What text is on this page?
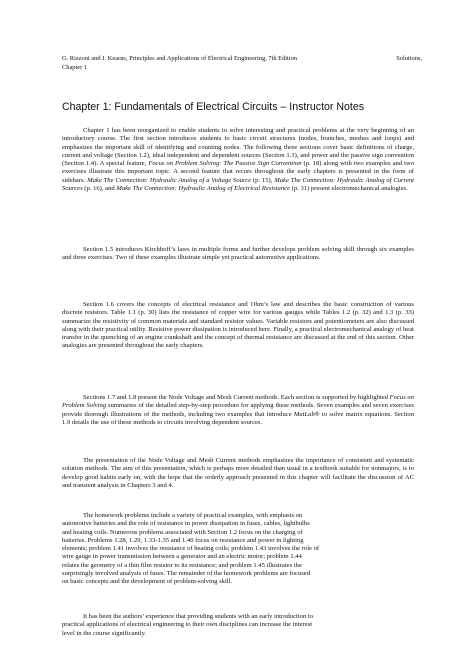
G. Rizzoni and J. Kearns, Principles and Applications of Electrical Engineering, 7th Edition	Solutions,
Chapter 1
Chapter 1: Fundamentals of Electrical Circuits – Instructor Notes
Chapter 1 has been reorganized to enable students to solve interesting and practical problems at the very beginning of an introductory course. The first section introduces students to basic circuit structures (nodes, branches, meshes and loops) and emphasizes the important skill of identifying and counting nodes. The following three sections cover basic definitions of charge, current and voltage (Section 1.2), ideal independent and dependent sources (Section 1.3), and power and the passive sign convention (Section 1.4). A special feature, Focus on Problem Solving: The Passive Sign Convention (p. 18) along with two examples and two exercises illustrate this important topic. A second feature that recurs throughout the early chapters is presented in the form of sidebars. Make The Connection: Hydraulic Analog of a Voltage Source (p. 15), Make The Connection: Hydraulic Analog of Current Sources (p. 16), and Make The Connection: Hydraulic Analog of Electrical Resistance (p. 31) present electromechanical analogies.
Section 1.5 introduces Kirchhoff’s laws in multiple forms and further develops problem solving skill through six examples and three exercises. Two of these examples illustrate simple yet practical automotive applications.
Section 1.6 covers the concepts of electrical resistance and Ohm’s law and describes the basic construction of various discrete resistors. Table 1.1 (p. 30) lists the resistance of copper wire for various gauges while Tables 1.2 (p. 32) and 1.3 (p. 33) summarize the resistivity of common materials and standard resistor values. Variable resistors and potentiometers are also discussed along with their practical utility. Resistive power dissipation is introduced here. Finally, a practical electromechanical analogy of heat transfer in the quenching of an engine crankshaft and the concept of thermal resistance are discussed at the end of this section. Other analogies are presented throughout the early chapters.
Sections 1.7 and 1.8 present the Node Voltage and Mesh Current methods. Each section is supported by highlighted Focus on Problem Solving summaries of the detailed step-by-step procedure for applying these methods. Seven examples and seven exercises provide thorough illustrations of the methods, including two examples that introduce MatLab® to solve matrix equations. Section 1.9 details the use of these methods to circuits involving dependent sources.
The presentation of the Node Voltage and Mesh Current methods emphasizes the importance of consistent and systematic solution methods. The aim of this presentation, which is perhaps more detailed than usual in a textbook suitable for nonmajors, is to develop good habits early on, with the hope that the orderly approach presented in this chapter will facilitate the discussion of AC and transient analysis in Chapters 3 and 4.
The homework problems include a variety of practical examples, with emphasis on
automotive batteries and the role of resistance in power dissipation in fuses, cables, lightbulbs
and heating coils. Numerous problems associated with Section 1.2 focus on the charging of
batteries. Problems 1.28, 1.29, 1.33-1.35 and 1.40 focus on resistance and power in lighting
elements; problem 1.41 involves the resistance of heating coils; problem 1.43 involves the role of
wire gauge in power transmission between a generator and an electric motor; problem 1.44
relates the geometry of a thin film resistor to its resistance; and problem 1.45 illustrates the
surprisingly involved analysis of fuses. The remainder of the homework problems are focused
on basic concepts and the development of problem-solving skill.
It has been the authors’ experience that providing students with an early introduction to
practical applications of electrical engineering to their own disciplines can increase the interest
level in the course significantly.
